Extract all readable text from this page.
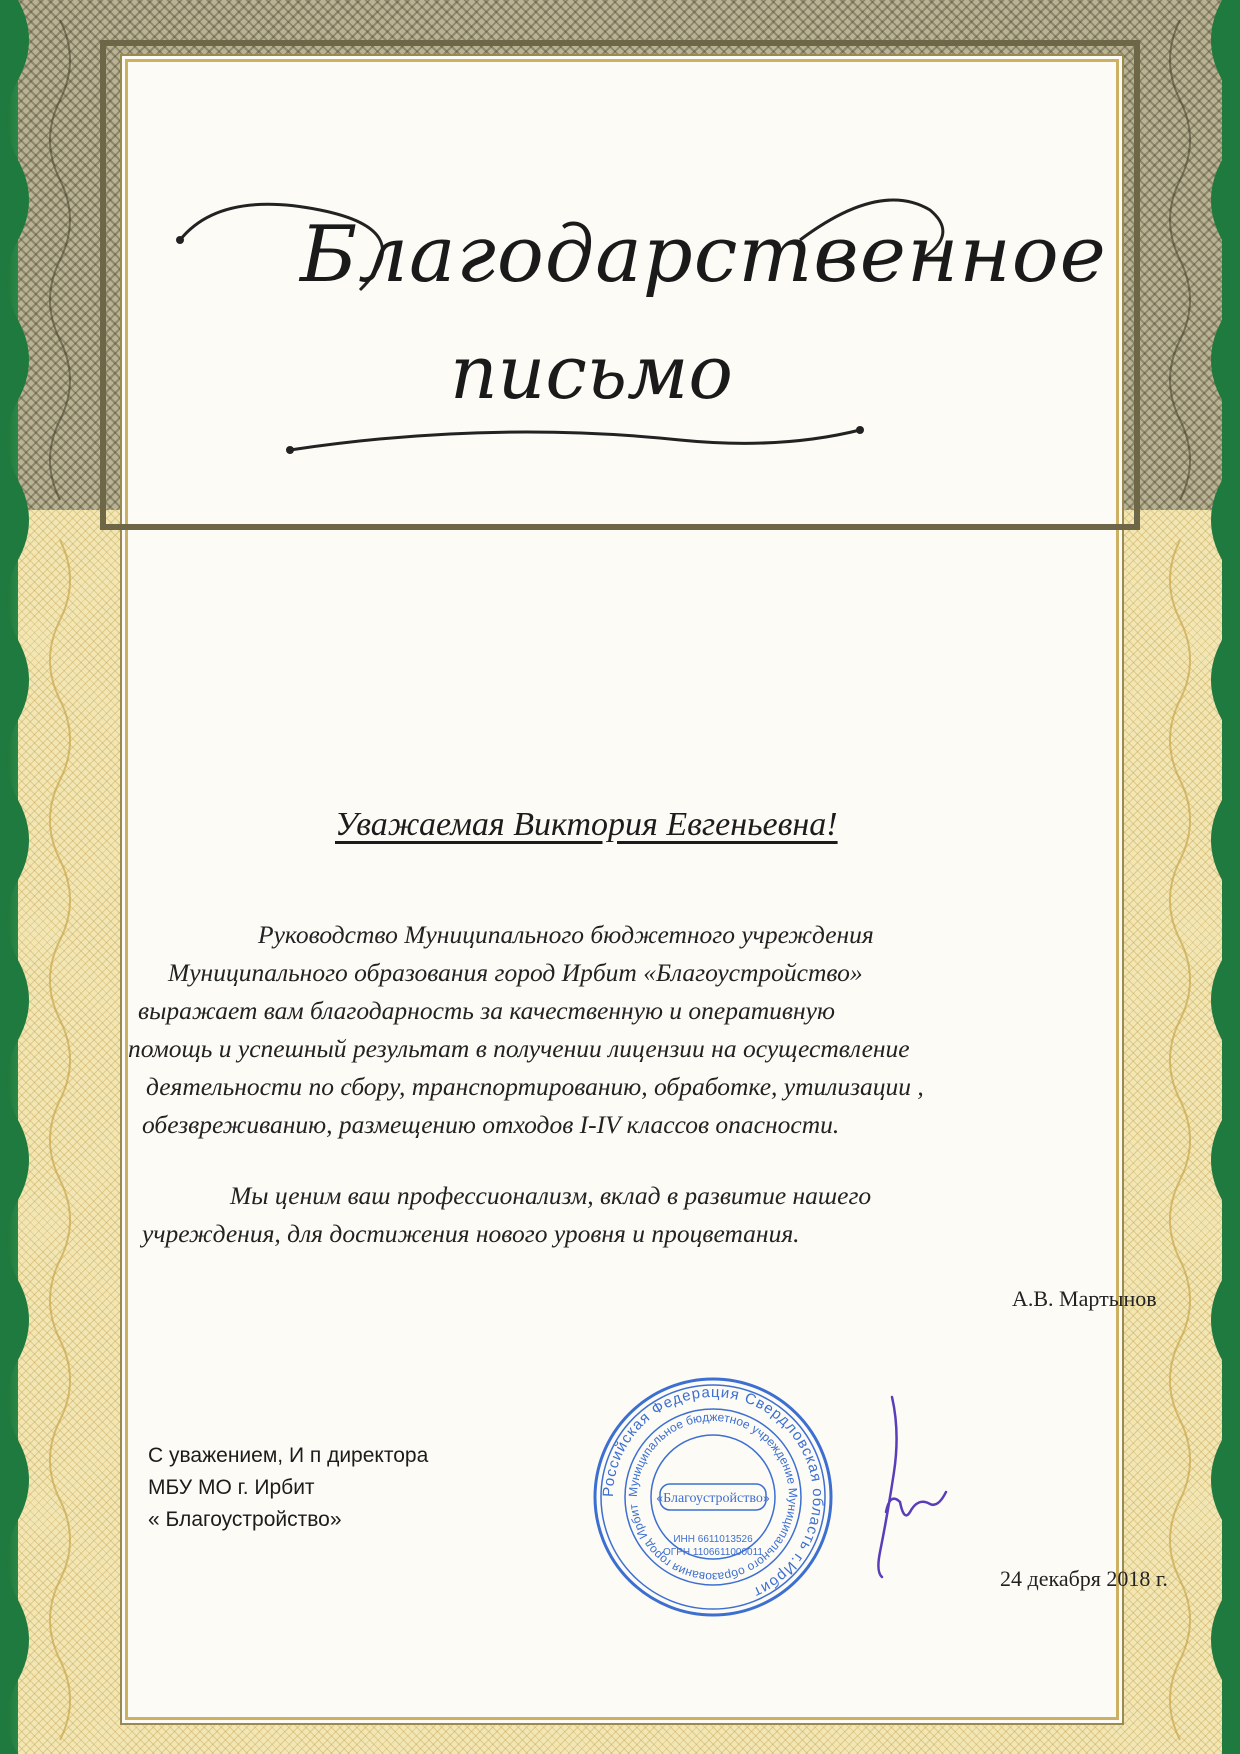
Благодарственное
письмо
Уважаемая Виктория Евгеньевна!
Руководство Муниципального бюджетного учреждения
Муниципального образования город Ирбит «Благоустройство»
выражает вам благодарность за качественную и оперативную
помощь и успешный результат в получении лицензии на осуществление
деятельности по сбору, транспортированию, обработке, утилизации ,
обезвреживанию, размещению отходов I-IV классов опасности.
Мы ценим ваш профессионализм, вклад в развитие нашего
учреждения, для достижения нового уровня и процветания.
С уважением, И п директора
МБУ МО г. Ирбит
« Благоустройство»
Российская Федерация Свердловская область г.Ирбит
Муниципальное бюджетное учреждение Муниципального образования город Ирбит
«Благоустройство»
ИНН 6611013526
ОГРН 1106611000011
А.В. Мартынов
24 декабря 2018 г.
